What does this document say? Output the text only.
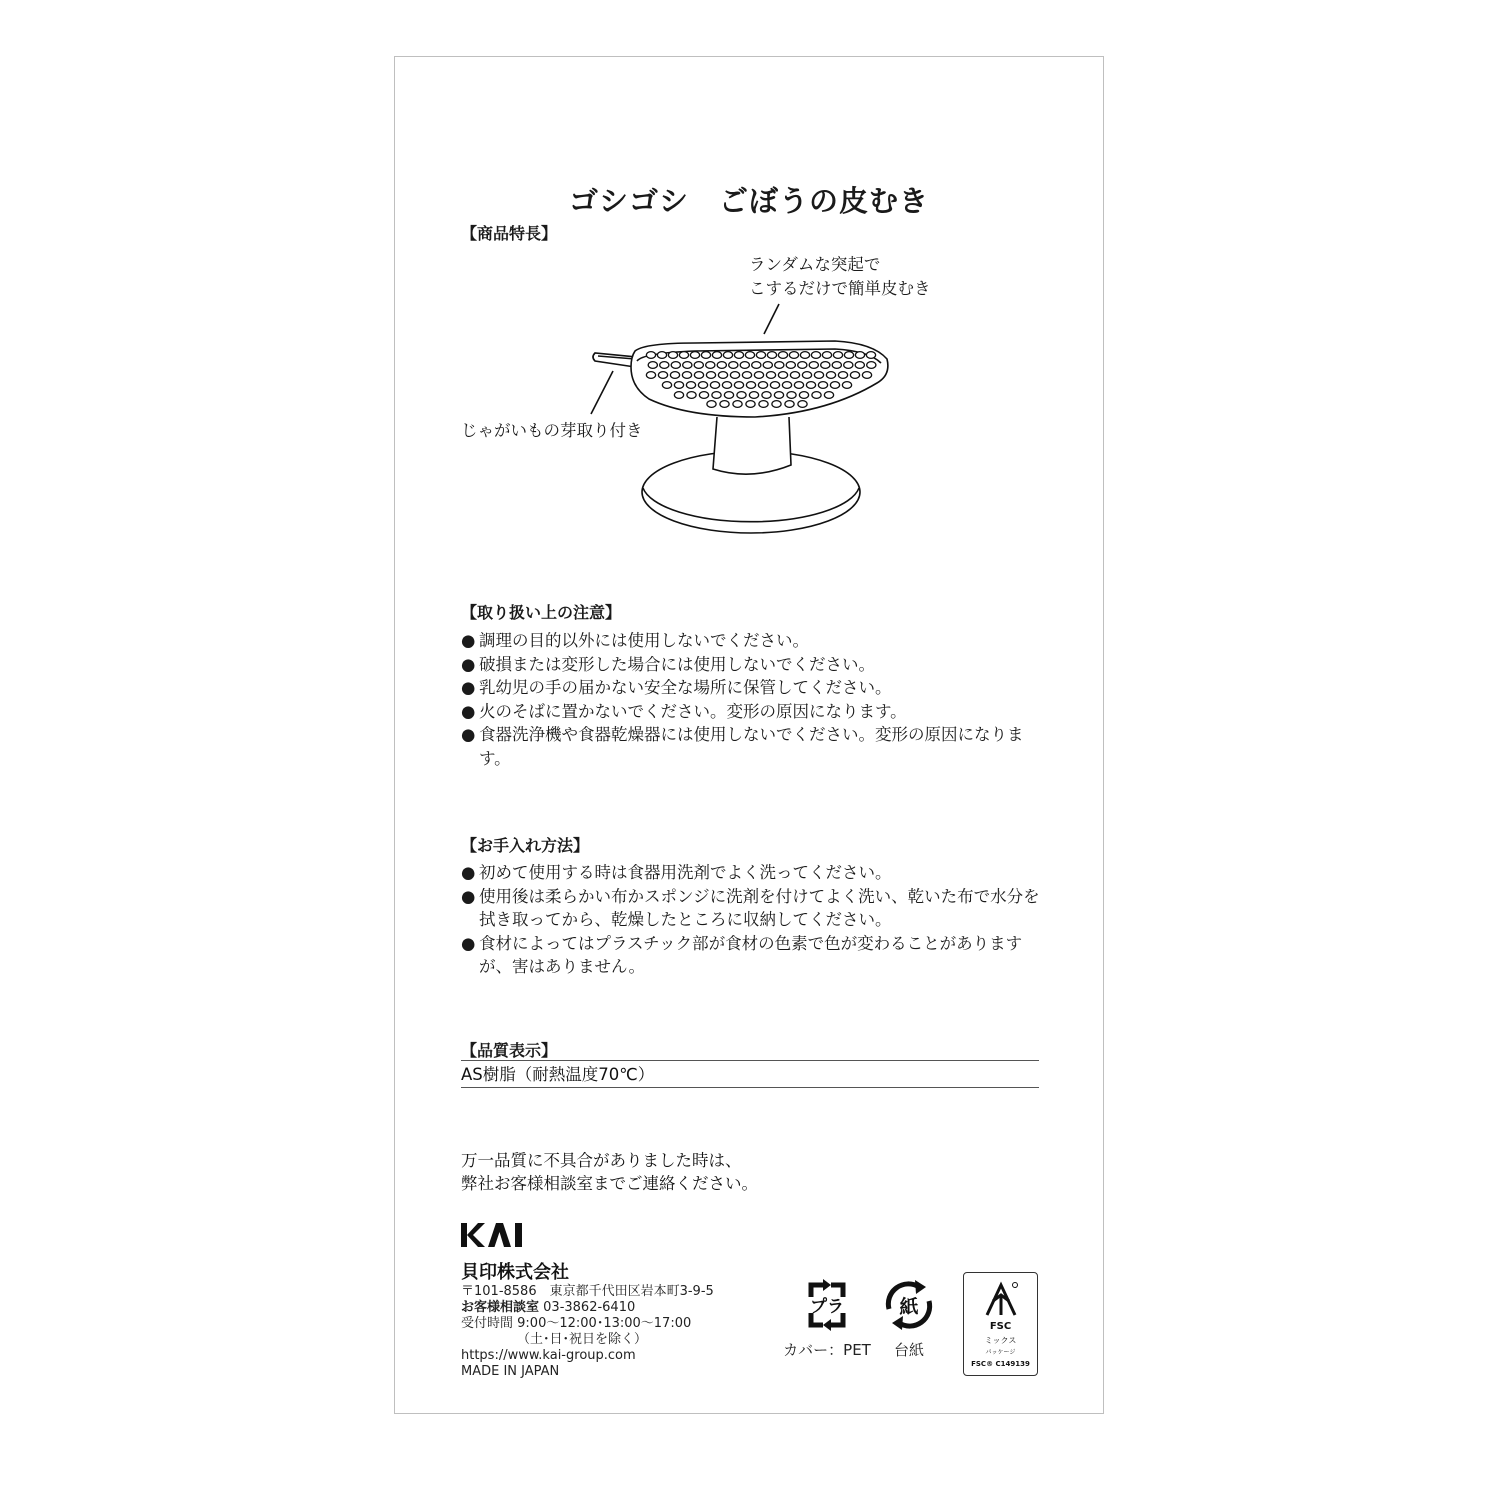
ゴシゴシ　ごぼうの皮むき
【商品特長】
ランダムな突起で
こするだけで簡単皮むき
じゃがいもの芽取り付き
【取り扱い上の注意】
● 調理の目的以外には使用しないでください。
● 破損または変形した場合には使用しないでください。
● 乳幼児の手の届かない安全な場所に保管してください。
● 火のそばに置かないでください。変形の原因になります。
● 食器洗浄機や食器乾燥器には使用しないでください。変形の原因になります。
【お手入れ方法】
● 初めて使用する時は食器用洗剤でよく洗ってください。
● 使用後は柔らかい布かスポンジに洗剤を付けてよく洗い、乾いた布で水分を拭き取ってから、乾燥したところに収納してください。
● 食材によってはプラスチック部が食材の色素で色が変わることがありますが、害はありません。
【品質表示】
AS樹脂（耐熱温度70℃）
万一品質に不具合がありました時は、
弊社お客様相談室までご連絡ください。
貝印株式会社
〒101-8586　東京都千代田区岩本町3-9-5
お客様相談室 03-3862-6410
受付時間 9:00〜12:00･13:00〜17:00
（土･日･祝日を除く）
https://www.kai-group.com
MADE IN JAPAN
プラ
カバー：PET
紙
台紙
FSC
ミックス
パッケージ
FSC® C149139
